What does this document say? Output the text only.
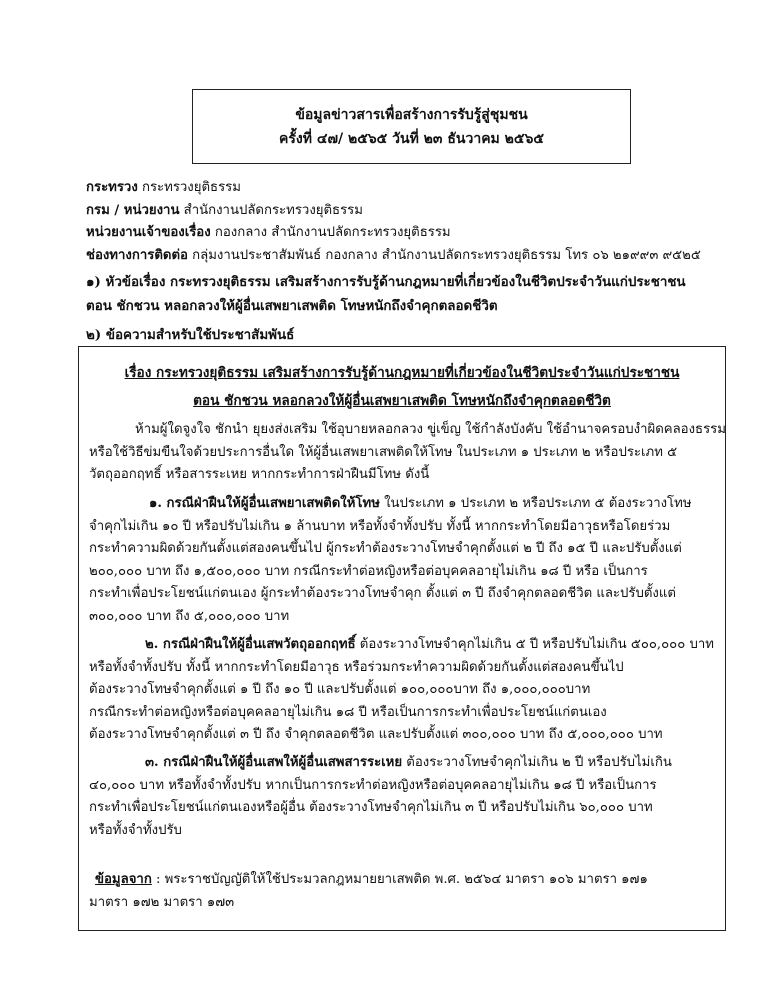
ข้อมูลข่าวสารเพื่อสร้างการรับรู้สู่ชุมชน
ครั้งที่ ๔๗/ ๒๕๖๕ วันที่ ๒๓ ธันวาคม ๒๕๖๕
กระทรวง กระทรวงยุติธรรม
กรม / หน่วยงาน สำนักงานปลัดกระทรวงยุติธรรม
หน่วยงานเจ้าของเรื่อง กองกลาง สำนักงานปลัดกระทรวงยุติธรรม
ช่องทางการติดต่อ กลุ่มงานประชาสัมพันธ์ กองกลาง สำนักงานปลัดกระทรวงยุติธรรม โทร ๐๖ ๒๑๙๙๓ ๙๕๒๕
๑) หัวข้อเรื่อง กระทรวงยุติธรรม เสริมสร้างการรับรู้ด้านกฎหมายที่เกี่ยวข้องในชีวิตประจำวันแก่ประชาชน
ตอน ชักชวน หลอกลวงให้ผู้อื่นเสพยาเสพติด โทษหนักถึงจำคุกตลอดชีวิต
๒) ข้อความสำหรับใช้ประชาสัมพันธ์
เรื่อง กระทรวงยุติธรรม เสริมสร้างการรับรู้ด้านกฎหมายที่เกี่ยวข้องในชีวิตประจำวันแก่ประชาชน
ตอน ชักชวน หลอกลวงให้ผู้อื่นเสพยาเสพติด โทษหนักถึงจำคุกตลอดชีวิต

ห้ามผู้ใดจูงใจ ชักนำ ยุยงส่งเสริม ใช้อุบายหลอกลวง ขู่เข็ญ ใช้กำลังบังคับ ใช้อำนาจครอบงำผิดคลองธรรม

หรือใช้วิธีข่มขืนใจด้วยประการอื่นใด ให้ผู้อื่นเสพยาเสพติดให้โทษ ในประเภท ๑ ประเภท ๒ หรือประเภท ๕

วัตถุออกฤทธิ์ หรือสารระเหย หากกระทำการฝ่าฝืนมีโทษ ดังนี้

๑. กรณีฝ่าฝืนให้ผู้อื่นเสพยาเสพติดให้โทษ ในประเภท ๑ ประเภท ๒ หรือประเภท ๕ ต้องระวางโทษ

จำคุกไม่เกิน ๑๐ ปี หรือปรับไม่เกิน ๑ ล้านบาท หรือทั้งจำทั้งปรับ ทั้งนี้ หากกระทำโดยมีอาวุธหรือโดยร่วม

กระทำความผิดด้วยกันตั้งแต่สองคนขึ้นไป ผู้กระทำต้องระวางโทษจำคุกตั้งแต่ ๒ ปี ถึง ๑๕ ปี และปรับตั้งแต่

๒๐๐,๐๐๐ บาท ถึง ๑,๕๐๐,๐๐๐ บาท กรณีกระทำต่อหญิงหรือต่อบุคคลอายุไม่เกิน ๑๘ ปี หรือ เป็นการ

กระทำเพื่อประโยชน์แก่ตนเอง ผู้กระทำต้องระวางโทษจำคุก ตั้งแต่ ๓ ปี ถึงจำคุกตลอดชีวิต และปรับตั้งแต่

๓๐๐,๐๐๐ บาท ถึง ๕,๐๐๐,๐๐๐ บาท

๒. กรณีฝ่าฝืนให้ผู้อื่นเสพวัตถุออกฤทธิ์ ต้องระวางโทษจำคุกไม่เกิน ๕ ปี หรือปรับไม่เกิน ๕๐๐,๐๐๐ บาท

หรือทั้งจำทั้งปรับ ทั้งนี้ หากกระทำโดยมีอาวุธ หรือร่วมกระทำความผิดด้วยกันตั้งแต่สองคนขึ้นไป

ต้องระวางโทษจำคุกตั้งแต่ ๑ ปี ถึง ๑๐ ปี และปรับตั้งแต่ ๑๐๐,๐๐๐บาท ถึง ๑,๐๐๐,๐๐๐บาท

กรณีกระทำต่อหญิงหรือต่อบุคคลอายุไม่เกิน ๑๘ ปี หรือเป็นการกระทำเพื่อประโยชน์แก่ตนเอง

ต้องระวางโทษจำคุกตั้งแต่ ๓ ปี ถึง จำคุกตลอดชีวิต และปรับตั้งแต่ ๓๐๐,๐๐๐ บาท ถึง ๕,๐๐๐,๐๐๐ บาท

๓. กรณีฝ่าฝืนให้ผู้อื่นเสพให้ผู้อื่นเสพสารระเหย ต้องระวางโทษจำคุกไม่เกิน ๒ ปี หรือปรับไม่เกิน

๔๐,๐๐๐ บาท หรือทั้งจำทั้งปรับ หากเป็นการกระทำต่อหญิงหรือต่อบุคคลอายุไม่เกิน ๑๘ ปี หรือเป็นการ

กระทำเพื่อประโยชน์แก่ตนเองหรือผู้อื่น ต้องระวางโทษจำคุกไม่เกิน ๓ ปี หรือปรับไม่เกิน ๖๐,๐๐๐ บาท

หรือทั้งจำทั้งปรับ

ข้อมูลจาก : พระราชบัญญัติให้ใช้ประมวลกฎหมายยาเสพติด พ.ศ. ๒๕๖๔ มาตรา ๑๐๖ มาตรา ๑๗๑
มาตรา ๑๗๒ มาตรา ๑๗๓
